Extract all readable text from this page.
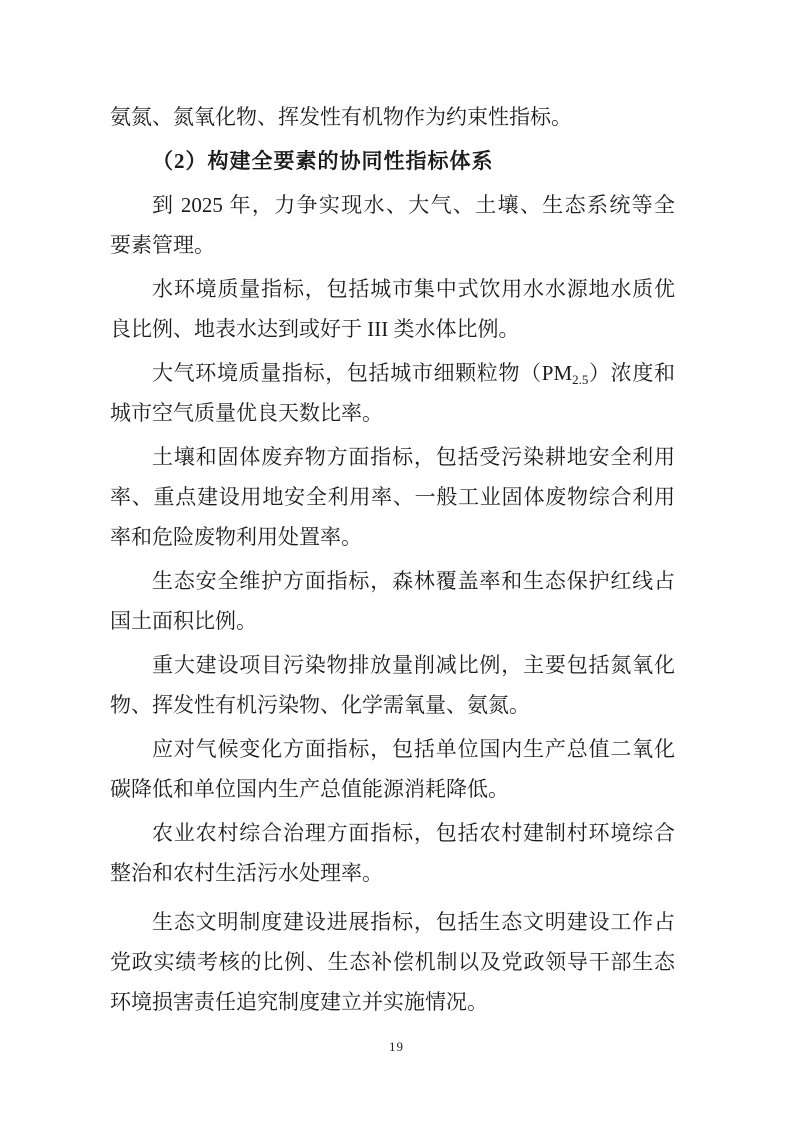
氨氮、氮氧化物、挥发性有机物作为约束性指标。
（2）构建全要素的协同性指标体系
到 2025 年，力争实现水、大气、土壤、生态系统等全
要素管理。
水环境质量指标，包括城市集中式饮用水水源地水质优
良比例、地表水达到或好于 III 类水体比例。
大气环境质量指标，包括城市细颗粒物$(PM_{2.5})$浓度和
城市空气质量优良天数比率。
土壤和固体废弃物方面指标，包括受污染耕地安全利用
率、重点建设用地安全利用率、一般工业固体废物综合利用
率和危险废物利用处置率。
生态安全维护方面指标，森林覆盖率和生态保护红线占
国土面积比例。
重大建设项目污染物排放量削减比例，主要包括氮氧化
物、挥发性有机污染物、化学需氧量、氨氮。
应对气候变化方面指标，包括单位国内生产总值二氧化
碳降低和单位国内生产总值能源消耗降低。
农业农村综合治理方面指标，包括农村建制村环境综合
整治和农村生活污水处理率。
生态文明制度建设进展指标，包括生态文明建设工作占
党政实绩考核的比例、生态补偿机制以及党政领导干部生态
环境损害责任追究制度建立并实施情况。
19
